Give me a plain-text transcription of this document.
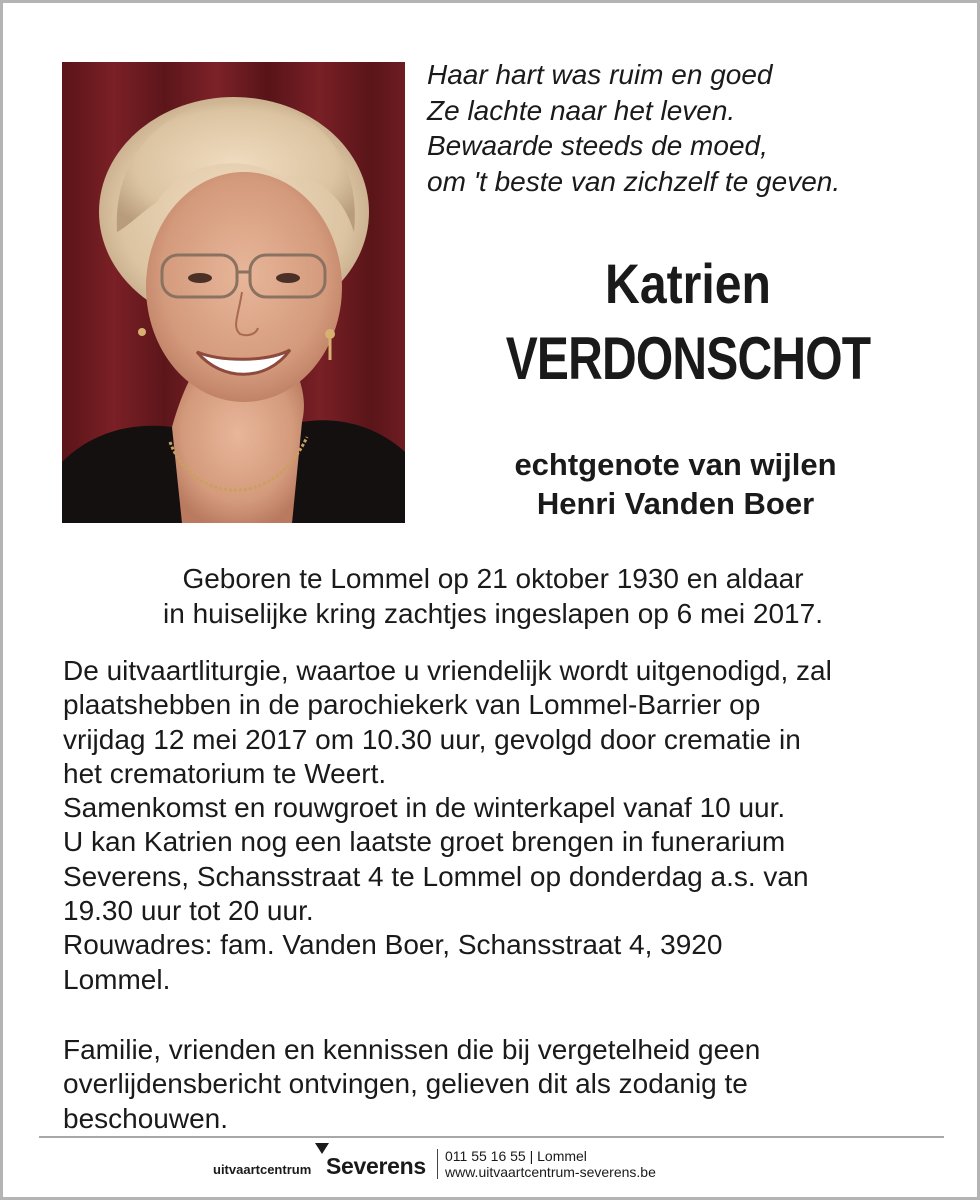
Haar hart was ruim en goed
Ze lachte naar het leven.
Bewaarde steeds de moed,
om 't beste van zichzelf te geven.
Katrien
VERDONSCHOT
echtgenote van wijlen
Henri Vanden Boer
Geboren te Lommel op 21 oktober 1930 en aldaar
in huiselijke kring zachtjes ingeslapen op 6 mei 2017.
De uitvaartliturgie, waartoe u vriendelijk wordt uitgenodigd, zal
plaatshebben in de parochiekerk van Lommel-Barrier op
vrijdag 12 mei 2017 om 10.30 uur, gevolgd door crematie in
het crematorium te Weert.
Samenkomst en rouwgroet in de winterkapel vanaf 10 uur.
U kan Katrien nog een laatste groet brengen in funerarium
Severens, Schansstraat 4 te Lommel op donderdag a.s. van
19.30 uur tot 20 uur.
Rouwadres: fam. Vanden Boer, Schansstraat 4, 3920
Lommel.
Familie, vrienden en kennissen die bij vergetelheid geen
overlijdensbericht ontvingen, gelieven dit als zodanig te
beschouwen.
uitvaartcentrum Severens 011 55 16 55 | Lommel
www.uitvaartcentrum-severens.be
